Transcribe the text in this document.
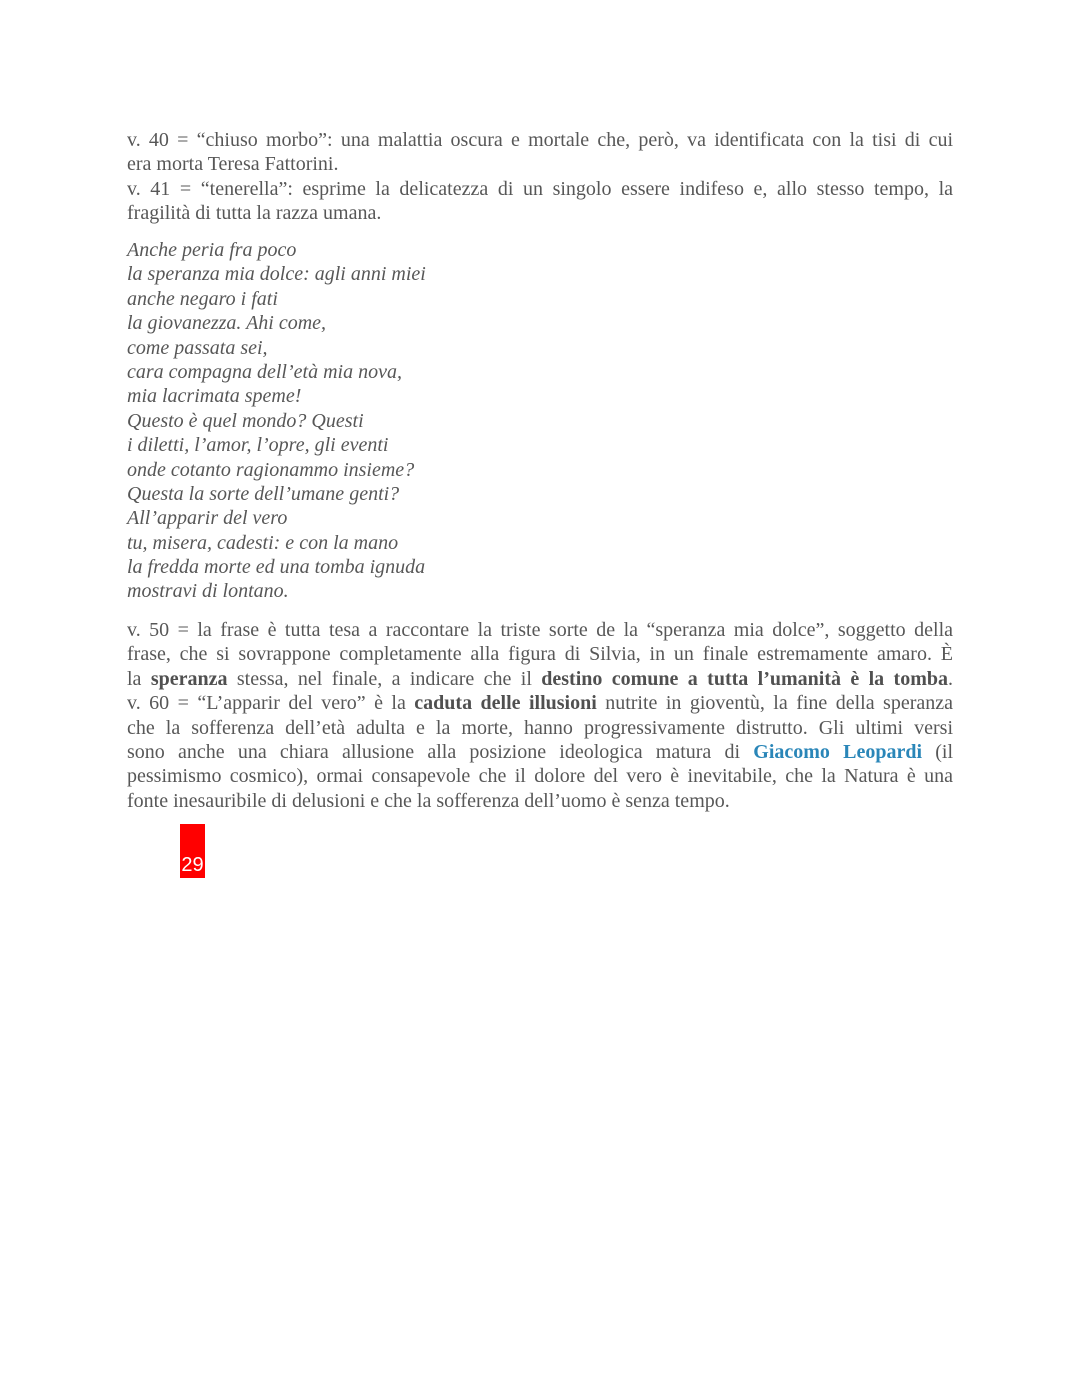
v. 40 = “chiuso morbo”: una malattia oscura e mortale che, però, va identificata con la tisi di cui
era morta Teresa Fattorini.
v. 41 = “tenerella”: esprime la delicatezza di un singolo essere indifeso e, allo stesso tempo, la
fragilità di tutta la razza umana.
Anche peria fra poco
la speranza mia dolce: agli anni miei
anche negaro i fati
la giovanezza. Ahi come,
come passata sei,
cara compagna dell’età mia nova,
mia lacrimata speme!
Questo è quel mondo? Questi
i diletti, l’amor, l’opre, gli eventi
onde cotanto ragionammo insieme?
Questa la sorte dell’umane genti?
All’apparir del vero
tu, misera, cadesti: e con la mano
la fredda morte ed una tomba ignuda
mostravi di lontano.
v. 50 = la frase è tutta tesa a raccontare la triste sorte de la “speranza mia dolce”, soggetto della
frase, che si sovrappone completamente alla figura di Silvia, in un finale estremamente amaro. È
la speranza stessa, nel finale, a indicare che il destino comune a tutta l’umanità è la tomba.
v. 60 = “L’apparir del vero” è la caduta delle illusioni nutrite in gioventù, la fine della speranza
che la sofferenza dell’età adulta e la morte, hanno progressivamente distrutto. Gli ultimi versi
sono anche una chiara allusione alla posizione ideologica matura di Giacomo Leopardi (il
pessimismo cosmico), ormai consapevole che il dolore del vero è inevitabile, che la Natura è una
fonte inesauribile di delusioni e che la sofferenza dell’uomo è senza tempo.
29
